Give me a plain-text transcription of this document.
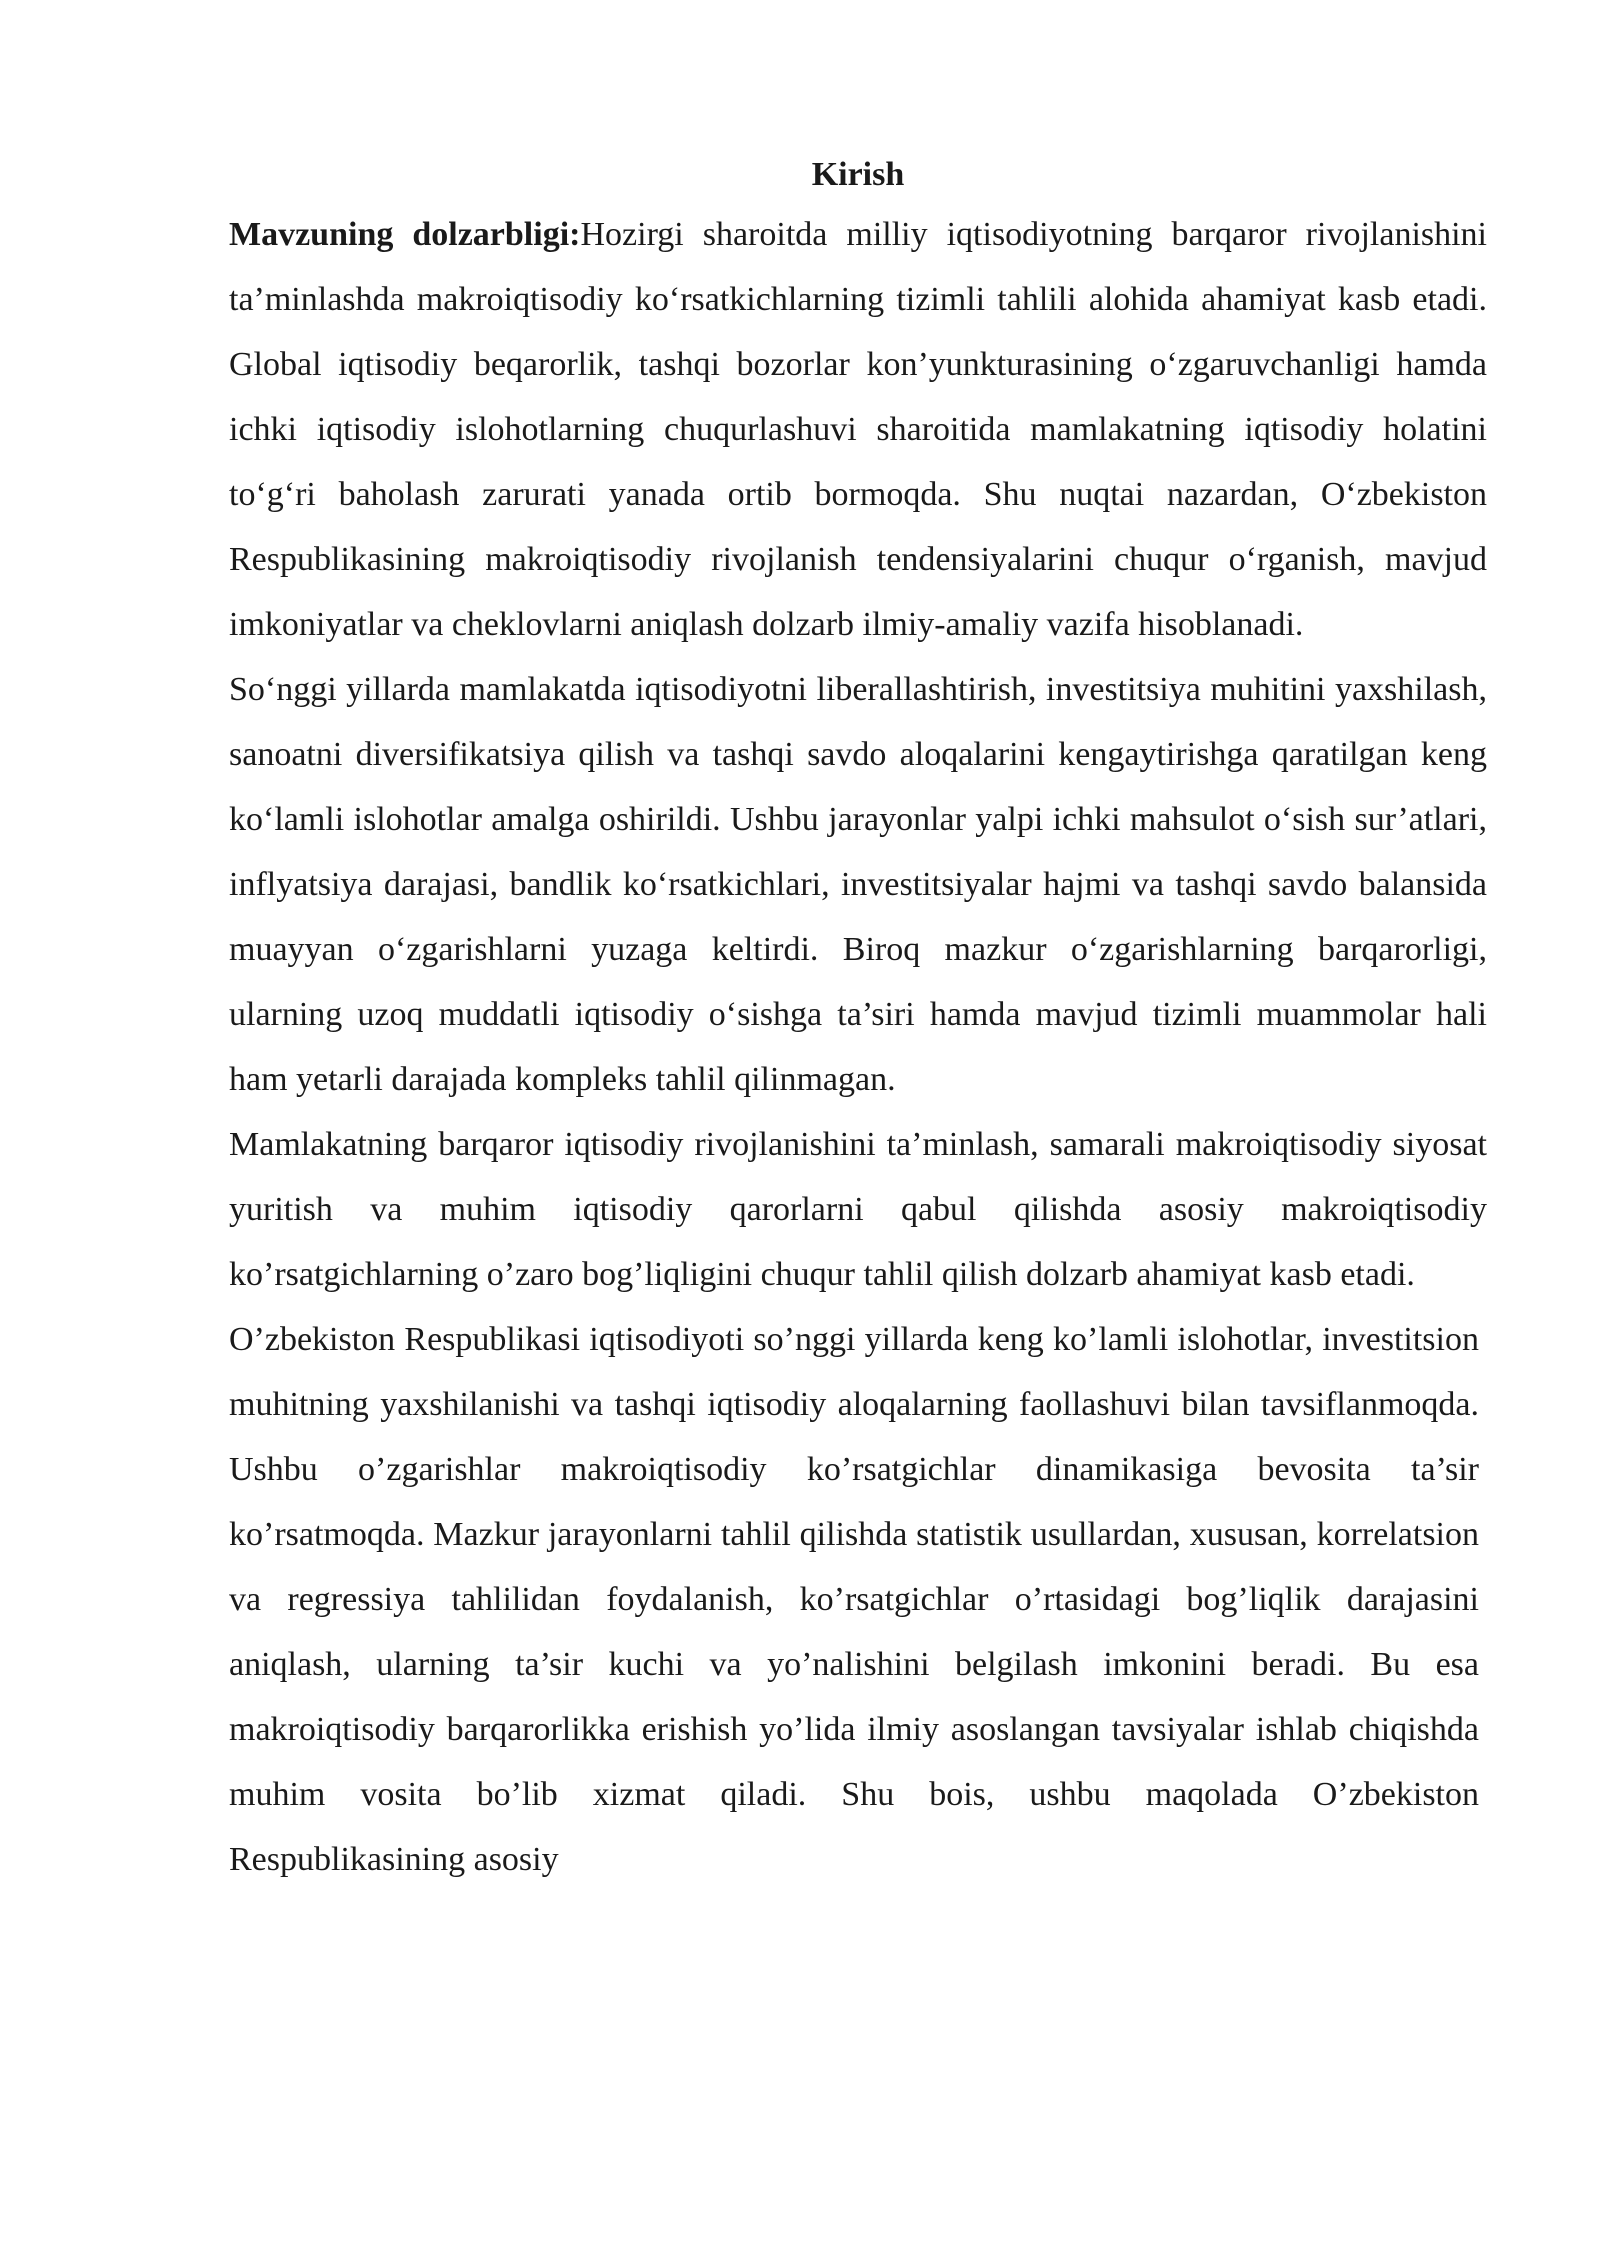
Kirish

Mavzuning dolzarbligi:Hozirgi sharoitda milliy iqtisodiyotning barqaror rivojlanishini ta’minlashda makroiqtisodiy ko‘rsatkichlarning tizimli tahlili alohida ahamiyat kasb etadi. Global iqtisodiy beqarorlik, tashqi bozorlar kon’yunkturasining o‘zgaruvchanligi hamda ichki iqtisodiy islohotlarning chuqurlashuvi sharoitida mamlakatning iqtisodiy holatini to‘g‘ri baholash zarurati yanada ortib bormoqda. Shu nuqtai nazardan, O‘zbekiston Respublikasining makroiqtisodiy rivojlanish tendensiyalarini chuqur o‘rganish, mavjud imkoniyatlar va cheklovlarni aniqlash dolzarb ilmiy-amaliy vazifa hisoblanadi.

So‘nggi yillarda mamlakatda iqtisodiyotni liberallashtirish, investitsiya muhitini yaxshilash, sanoatni diversifikatsiya qilish va tashqi savdo aloqalarini kengaytirishga qaratilgan keng ko‘lamli islohotlar amalga oshirildi. Ushbu jarayonlar yalpi ichki mahsulot o‘sish sur’atlari, inflyatsiya darajasi, bandlik ko‘rsatkichlari, investitsiyalar hajmi va tashqi savdo balansida muayyan o‘zgarishlarni yuzaga keltirdi. Biroq mazkur o‘zgarishlarning barqarorligi, ularning uzoq muddatli iqtisodiy o‘sishga ta’siri hamda mavjud tizimli muammolar hali ham yetarli darajada kompleks tahlil qilinmagan.

Mamlakatning barqaror iqtisodiy rivojlanishini ta’minlash, samarali makroiqtisodiy siyosat yuritish va muhim iqtisodiy qarorlarni qabul qilishda asosiy makroiqtisodiy ko’rsatgichlarning o’zaro bog’liqligini chuqur tahlil qilish dolzarb ahamiyat kasb etadi.

O’zbekiston Respublikasi iqtisodiyoti so’nggi yillarda keng ko’lamli islohotlar, investitsion muhitning yaxshilanishi va tashqi iqtisodiy aloqalarning faollashuvi bilan tavsiflanmoqda. Ushbu o’zgarishlar makroiqtisodiy ko’rsatgichlar dinamikasiga bevosita ta’sir ko’rsatmoqda. Mazkur jarayonlarni tahlil qilishda statistik usullardan, xususan, korrelatsion va regressiya tahlilidan foydalanish, ko’rsatgichlar o’rtasidagi bog’liqlik darajasini aniqlash, ularning ta’sir kuchi va yo’nalishini belgilash imkonini beradi. Bu esa makroiqtisodiy barqarorlikka erishish yo’lida ilmiy asoslangan tavsiyalar ishlab chiqishda muhim vosita bo’lib xizmat qiladi. Shu bois, ushbu maqolada O’zbekiston Respublikasining asosiy
